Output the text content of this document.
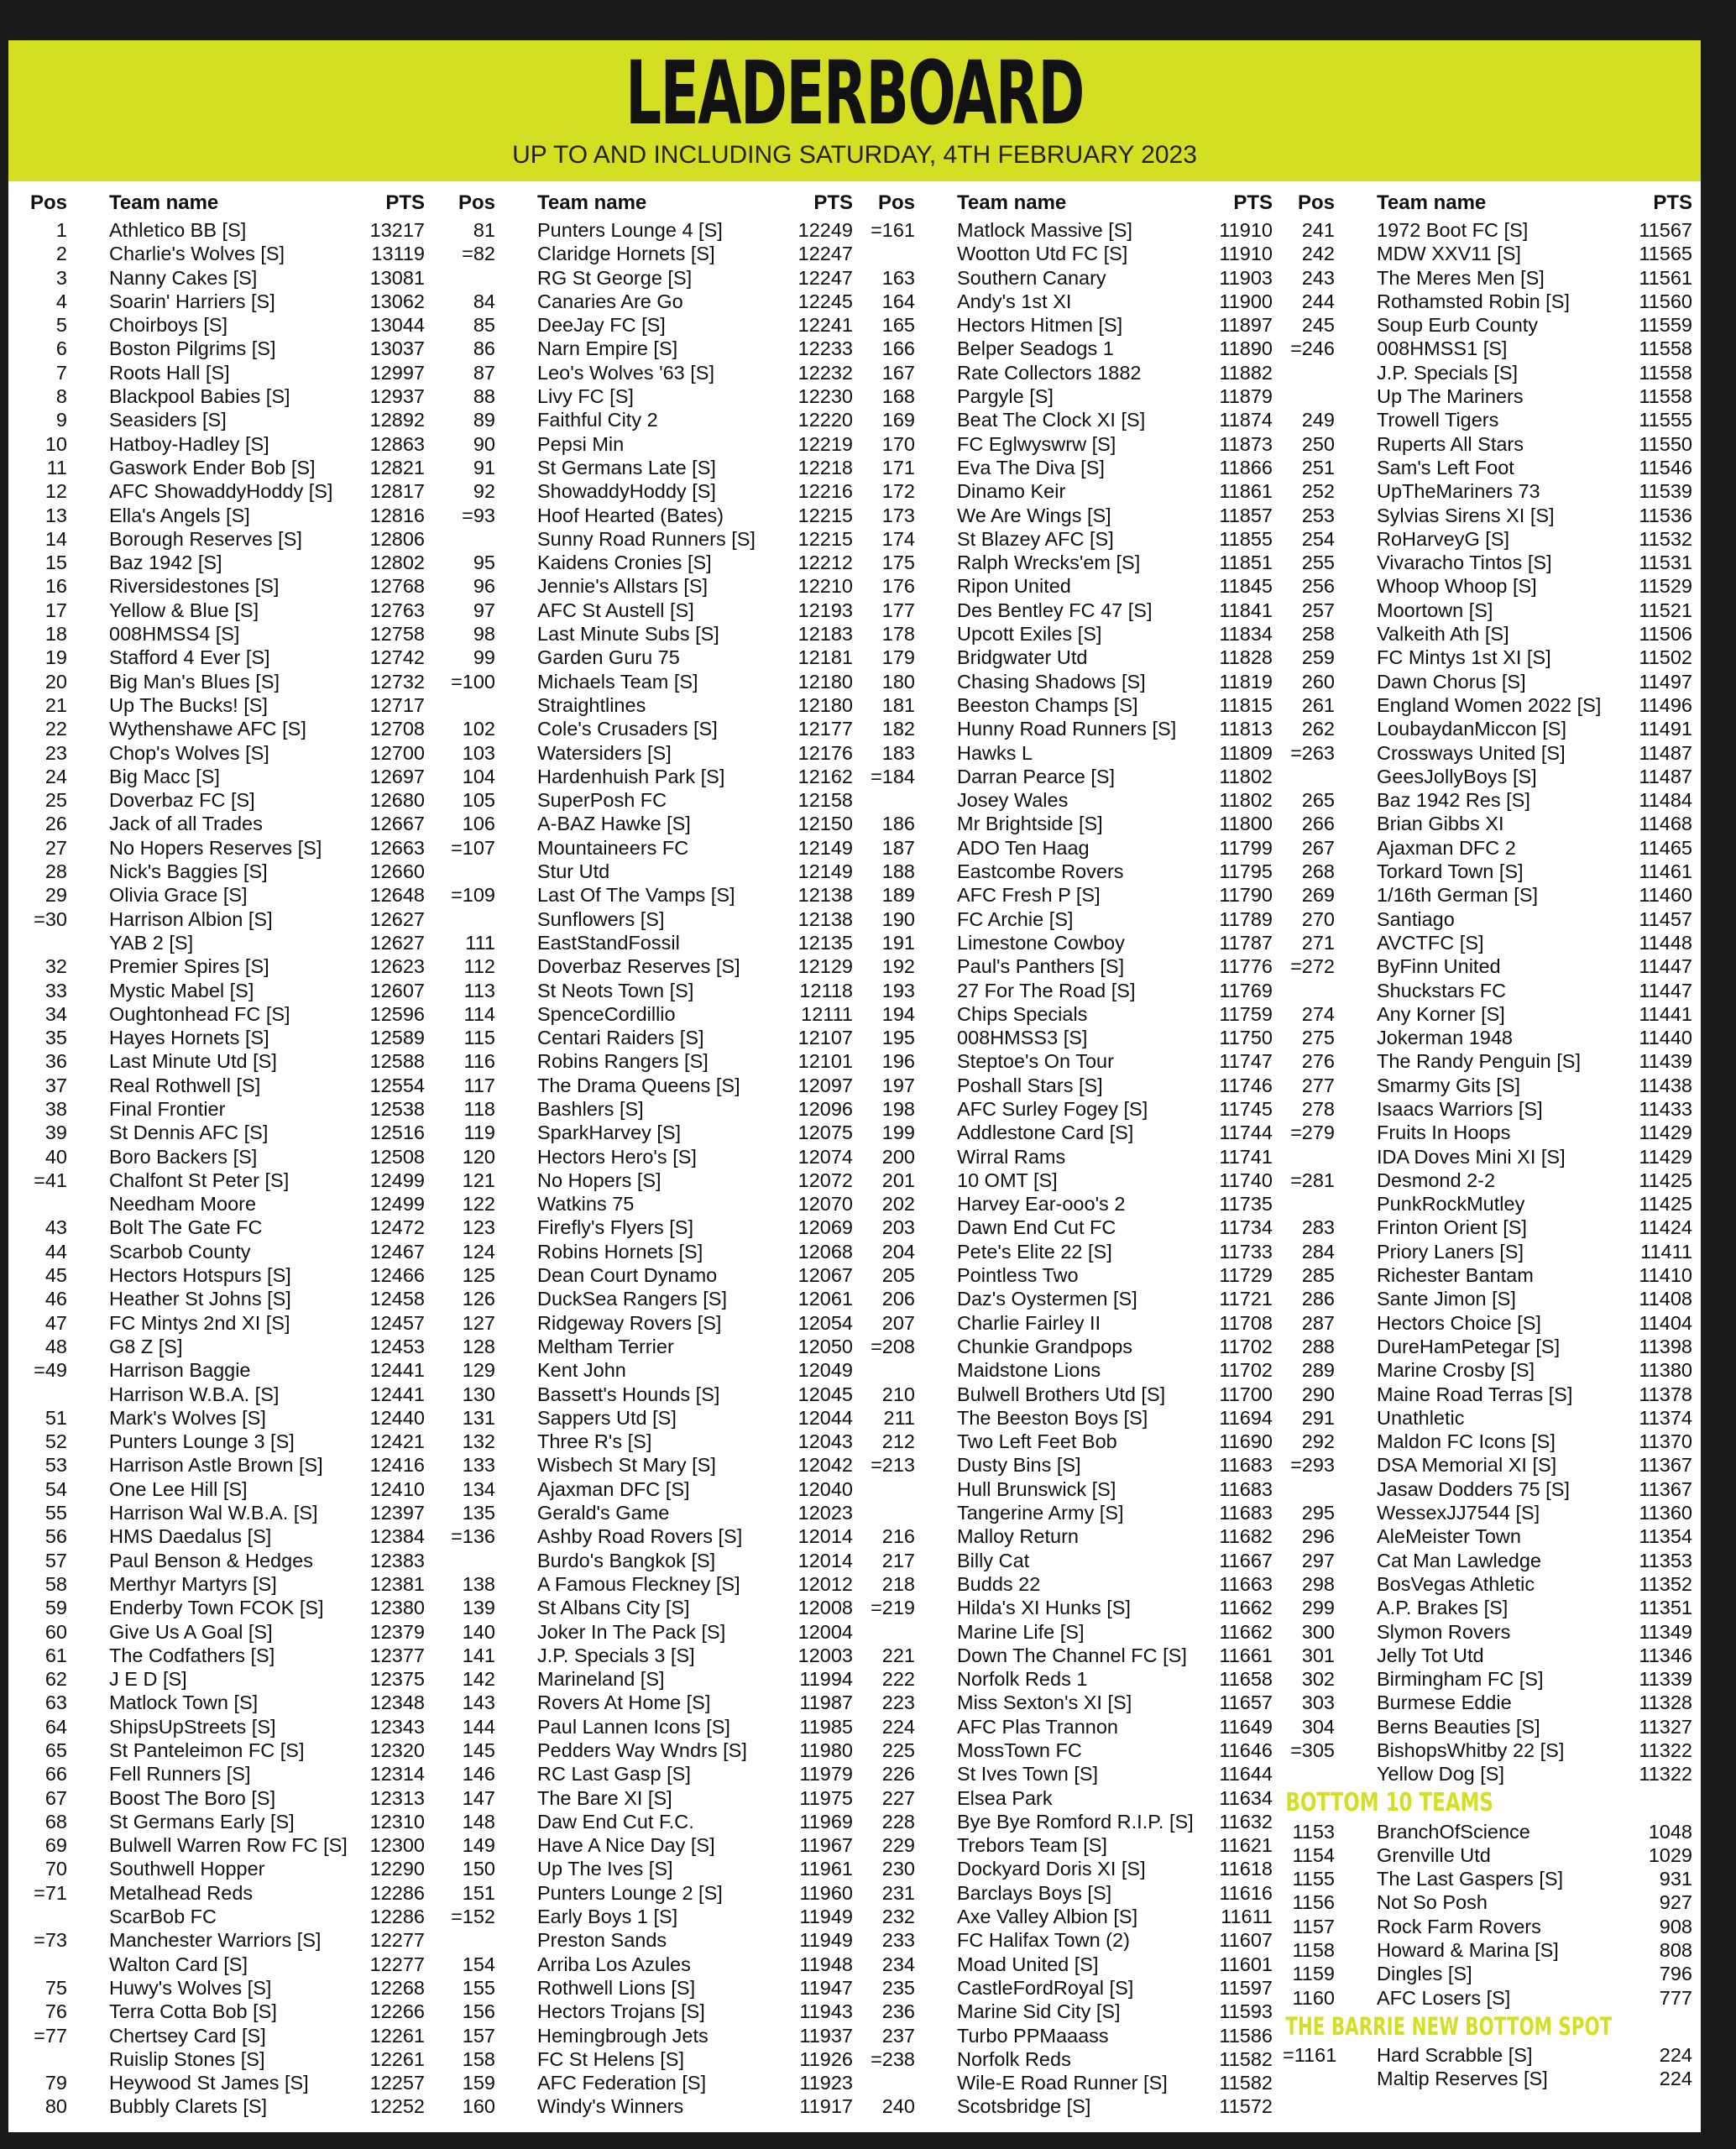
LEADERBOARD
UP TO AND INCLUDING SATURDAY, 4TH FEBRUARY 2023
Pos Team name	PTS
1 Athletico BB [S]	13217
2 Charlie's Wolves [S]	13119
3 Nanny Cakes [S]	13081
4 Soarin' Harriers [S]	13062
5 Choirboys [S]	13044
6 Boston Pilgrims [S]	13037
7 Roots Hall [S]	12997
8 Blackpool Babies [S]	12937
9 Seasiders [S]	12892
10 Hatboy-Hadley [S]	12863
11 Gaswork Ender Bob [S]	12821
12 AFC ShowaddyHoddy [S] 12817
13 Ella's Angels [S]	12816
14 Borough Reserves [S]	12806
15 Baz 1942 [S]	12802
16 Riversidestones [S]	12768
17 Yellow & Blue [S]	12763
18 008HMSS4 [S]	12758
19 Stafford 4 Ever [S]	12742
20 Big Man's Blues [S]	12732
21 Up The Bucks! [S]	12717
22 Wythenshawe AFC [S]	12708
23 Chop's Wolves [S]	12700
24 Big Macc [S]	12697
25 Doverbaz FC [S]	12680
26 Jack of all Trades	12667
27 No Hopers Reserves [S] 12663
28 Nick's Baggies [S]	12660
29 Olivia Grace [S]	12648
=30 Harrison Albion [S]	12627
YAB 2 [S]	12627
32 Premier Spires [S]	12623
33 Mystic Mabel [S]	12607
34 Oughtonhead FC [S]	12596
35 Hayes Hornets [S]	12589
36 Last Minute Utd [S]	12588
37 Real Rothwell [S]	12554
38 Final Frontier	12538
39 St Dennis AFC [S]	12516
40 Boro Backers [S]	12508
=41 Chalfont St Peter [S]	12499
Needham Moore	12499
43 Bolt The Gate FC	12472
44 Scarbob County	12467
45 Hectors Hotspurs [S]	12466
46 Heather St Johns [S]	12458
47 FC Mintys 2nd XI [S]	12457
48 G8 Z [S]	12453
=49 Harrison Baggie	12441
Harrison W.B.A. [S]	12441
51 Mark's Wolves [S]	12440
52 Punters Lounge 3 [S]	12421
53 Harrison Astle Brown [S] 12416
54 One Lee Hill [S]	12410
55 Harrison Wal W.B.A. [S]	12397
56 HMS Daedalus [S]	12384
57 Paul Benson & Hedges	12383
58 Merthyr Martyrs [S]	12381
59 Enderby Town FCOK [S] 12380
60 Give Us A Goal [S]	12379
61 The Codfathers [S]	12377
62 J E D [S]	12375
63 Matlock Town [S]	12348
64 ShipsUpStreets [S]	12343
65 St Panteleimon FC [S]	12320
66 Fell Runners [S]	12314
67 Boost The Boro [S]	12313
68 St Germans Early [S]	12310
69 Bulwell Warren Row FC [S] 12300
70 Southwell Hopper	12290
=71 Metalhead Reds	12286
ScarBob FC	12286
=73 Manchester Warriors [S] 12277
Walton Card [S]	12277
75 Huwy's Wolves [S]	12268
76 Terra Cotta Bob [S]	12266
=77 Chertsey Card [S]	12261
Ruislip Stones [S]	12261
79 Heywood St James [S]	12257
80 Bubbly Clarets [S]	12252
Pos Team name	PTS
81 Punters Lounge 4 [S]	12249
=82 Claridge Hornets [S]	12247
RG St George [S]	12247
84 Canaries Are Go	12245
85 DeeJay FC [S]	12241
86 Narn Empire [S]	12233
87 Leo's Wolves '63 [S]	12232
88 Livy FC [S]	12230
89 Faithful City 2	12220
90 Pepsi Min	12219
91 St Germans Late [S]	12218
92 ShowaddyHoddy [S]	12216
=93 Hoof Hearted (Bates)	12215
Sunny Road Runners [S] 12215
95 Kaidens Cronies [S]	12212
96 Jennie's Allstars [S]	12210
97 AFC St Austell [S]	12193
98 Last Minute Subs [S]	12183
99 Garden Guru 75	12181
=100 Michaels Team [S]	12180
Straightlines	12180
102 Cole's Crusaders [S]	12177
103 Watersiders [S]	12176
104 Hardenhuish Park [S]	12162
105 SuperPosh FC	12158
106 A-BAZ Hawke [S]	12150
=107 Mountaineers FC	12149
Stur Utd	12149
=109 Last Of The Vamps [S]	12138
Sunflowers [S]	12138
111 EastStandFossil	12135
112 Doverbaz Reserves [S]	12129
113 St Neots Town [S]	12118
114 SpenceCordillio	12111
115 Centari Raiders [S]	12107
116 Robins Rangers [S]	12101
117 The Drama Queens [S]	12097
118 Bashlers [S]	12096
119 SparkHarvey [S]	12075
120 Hectors Hero's [S]	12074
121 No Hopers [S]	12072
122 Watkins 75	12070
123 Firefly's Flyers [S]	12069
124 Robins Hornets [S]	12068
125 Dean Court Dynamo	12067
126 DuckSea Rangers [S]	12061
127 Ridgeway Rovers [S]	12054
128 Meltham Terrier	12050
129 Kent John	12049
130 Bassett's Hounds [S]	12045
131 Sappers Utd [S]	12044
132 Three R's [S]	12043
133 Wisbech St Mary [S]	12042
134 Ajaxman DFC [S]	12040
135 Gerald's Game	12023
=136 Ashby Road Rovers [S]	12014
Burdo's Bangkok [S]	12014
138 A Famous Fleckney [S]	12012
139 St Albans City [S]	12008
140 Joker In The Pack [S]	12004
141 J.P. Specials 3 [S]	12003
142 Marineland [S]	11994
143 Rovers At Home [S]	11987
144 Paul Lannen Icons [S]	11985
145 Pedders Way Wndrs [S]	11980
146 RC Last Gasp [S]	11979
147 The Bare XI [S]	11975
148 Daw End Cut F.C.	11969
149 Have A Nice Day [S]	11967
150 Up The Ives [S]	11961
151 Punters Lounge 2 [S]	11960
=152 Early Boys 1 [S]	11949
Preston Sands	11949
154 Arriba Los Azules	11948
155 Rothwell Lions [S]	11947
156 Hectors Trojans [S]	11943
157 Hemingbrough Jets	11937
158 FC St Helens [S]	11926
159 AFC Federation [S]	11923
160 Windy's Winners	11917
Pos Team name	PTS
=161 Matlock Massive [S]	11910
Wootton Utd FC [S]	11910
163 Southern Canary	11903
164 Andy's 1st XI	11900
165 Hectors Hitmen [S]	11897
166 Belper Seadogs 1	11890
167 Rate Collectors 1882	11882
168 Pargyle [S]	11879
169 Beat The Clock XI [S]	11874
170 FC Eglwyswrw [S]	11873
171 Eva The Diva [S]	11866
172 Dinamo Keir	11861
173 We Are Wings [S]	11857
174 St Blazey AFC [S]	11855
175 Ralph Wrecks'em [S]	11851
176 Ripon United	11845
177 Des Bentley FC 47 [S]	11841
178 Upcott Exiles [S]	11834
179 Bridgwater Utd	11828
180 Chasing Shadows [S]	11819
181 Beeston Champs [S]	11815
182 Hunny Road Runners [S] 11813
183 Hawks L	11809
=184 Darran Pearce [S]	11802
Josey Wales	11802
186 Mr Brightside [S]	11800
187 ADO Ten Haag	11799
188 Eastcombe Rovers	11795
189 AFC Fresh P [S]	11790
190 FC Archie [S]	11789
191 Limestone Cowboy	11787
192 Paul's Panthers [S]	11776
193 27 For The Road [S]	11769
194 Chips Specials	11759
195 008HMSS3 [S]	11750
196 Steptoe's On Tour	11747
197 Poshall Stars [S]	11746
198 AFC Surley Fogey [S]	11745
199 Addlestone Card [S]	11744
200 Wirral Rams	11741
201 10 OMT [S]	11740
202 Harvey Ear-ooo's 2	11735
203 Dawn End Cut FC	11734
204 Pete's Elite 22 [S]	11733
205 Pointless Two	11729
206 Daz's Oystermen [S]	11721
207 Charlie Fairley II	11708
=208 Chunkie Grandpops	11702
Maidstone Lions	11702
210 Bulwell Brothers Utd [S]	11700
211 The Beeston Boys [S]	11694
212 Two Left Feet Bob	11690
=213 Dusty Bins [S]	11683
Hull Brunswick [S]	11683
Tangerine Army [S]	11683
216 Malloy Return	11682
217 Billy Cat	11667
218 Budds 22	11663
=219 Hilda's XI Hunks [S]	11662
Marine Life [S]	11662
221 Down The Channel FC [S] 11661
222 Norfolk Reds 1	11658
223 Miss Sexton's XI [S]	11657
224 AFC Plas Trannon	11649
225 MossTown FC	11646
226 St Ives Town [S]	11644
227 Elsea Park	11634
228 Bye Bye Romford R.I.P. [S] 11632
229 Trebors Team [S]	11621
230 Dockyard Doris XI [S]	11618
231 Barclays Boys [S]	11616
232 Axe Valley Albion [S]	11611
233 FC Halifax Town (2)	11607
234 Moad United [S]	11601
235 CastleFordRoyal [S]	11597
236 Marine Sid City [S]	11593
237 Turbo PPMaaass	11586
=238 Norfolk Reds	11582
Wile-E Road Runner [S]	11582
240 Scotsbridge [S]	11572
Pos Team name	PTS
241 1972 Boot FC [S]	11567
242 MDW XXV11 [S]	11565
243 The Meres Men [S]	11561
244 Rothamsted Robin [S]	11560
245 Soup Eurb County	11559
=246 008HMSS1 [S]	11558
J.P. Specials [S]	11558
Up The Mariners	11558
249 Trowell Tigers	11555
250 Ruperts All Stars	11550
251 Sam's Left Foot	11546
252 UpTheMariners 73	11539
253 Sylvias Sirens XI [S]	11536
254 RoHarveyG [S]	11532
255 Vivaracho Tintos [S]	11531
256 Whoop Whoop [S]	11529
257 Moortown [S]	11521
258 Valkeith Ath [S]	11506
259 FC Mintys 1st XI [S]	11502
260 Dawn Chorus [S]	11497
261 England Women 2022 [S] 11496
262 LoubaydanMiccon [S]	11491
=263 Crossways United [S]	11487
GeesJollyBoys [S]	11487
265 Baz 1942 Res [S]	11484
266 Brian Gibbs XI	11468
267 Ajaxman DFC 2	11465
268 Torkard Town [S]	11461
269 1/16th German [S]	11460
270 Santiago	11457
271 AVCTFC [S]	11448
=272 ByFinn United	11447
Shuckstars FC	11447
274 Any Korner [S]	11441
275 Jokerman 1948	11440
276 The Randy Penguin [S]	11439
277 Smarmy Gits [S]	11438
278 Isaacs Warriors [S]	11433
=279 Fruits In Hoops	11429
IDA Doves Mini XI [S]	11429
=281 Desmond 2-2	11425
PunkRockMutley	11425
283 Frinton Orient [S]	11424
284 Priory Laners [S]	11411
285 Richester Bantam	11410
286 Sante Jimon [S]	11408
287 Hectors Choice [S]	11404
288 DureHamPetegar [S]	11398
289 Marine Crosby [S]	11380
290 Maine Road Terras [S]	11378
291 Unathletic	11374
292 Maldon FC Icons [S]	11370
=293 DSA Memorial XI [S]	11367
Jasaw Dodders 75 [S]	11367
295 WessexJJ7544 [S]	11360
296 AleMeister Town	11354
297 Cat Man Lawledge	11353
298 BosVegas Athletic	11352
299 A.P. Brakes [S]	11351
300 Slymon Rovers	11349
301 Jelly Tot Utd	11346
302 Birmingham FC [S]	11339
303 Burmese Eddie	11328
304 Berns Beauties [S]	11327
=305 BishopsWhitby 22 [S]	11322
Yellow Dog [S]	11322
BOTTOM 10 TEAMS
1153 BranchOfScience	1048
1154 Grenville Utd	1029
1155 The Last Gaspers [S]	931
1156 Not So Posh	927
1157 Rock Farm Rovers	908
1158 Howard & Marina [S]	808
1159 Dingles [S]	796
1160 AFC Losers [S]	777
THE BARRIE NEW BOTTOM SPOT
=1161 Hard Scrabble [S]	224
Maltip Reserves [S]	224
